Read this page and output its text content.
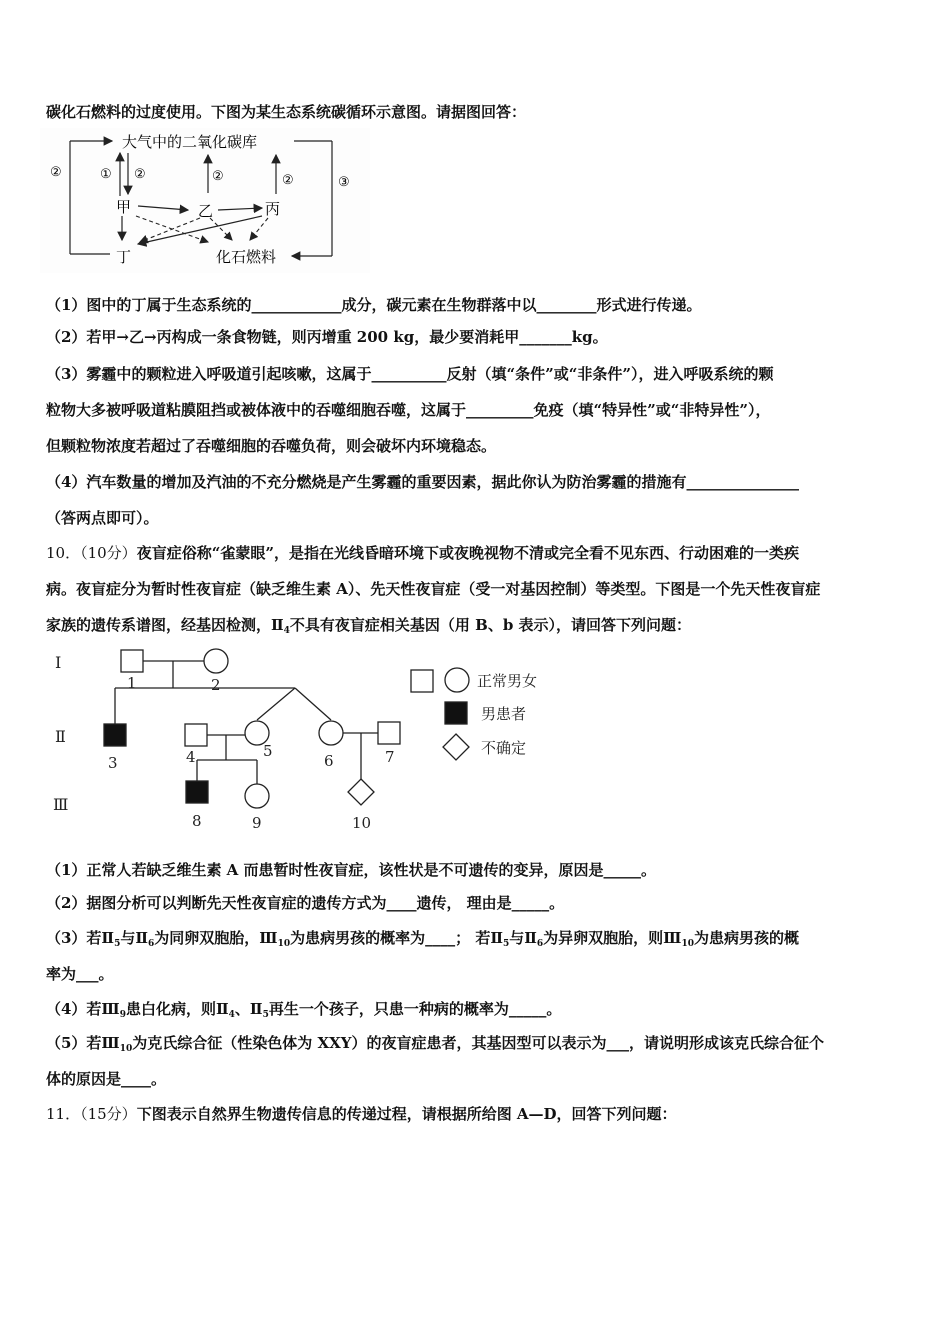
碳化石燃料的过度使用。下图为某生态系统碳循环示意图。请据图回答：
大气中的二氧化碳库
甲	乙	丙
丁	化石燃料
②	① ②	②	②	③
（1）图中的丁属于生态系统的____________成分，碳元素在生物群落中以________形式进行传递。
（2）若甲→乙→丙构成一条食物链，则丙增重 200 kg，最少要消耗甲_______kg。
（3）雾霾中的颗粒进入呼吸道引起咳嗽，这属于__________反射（填“条件”或“非条件”），进入呼吸系统的颗
粒物大多被呼吸道粘膜阻挡或被体液中的吞噬细胞吞噬，这属于_________免疫（填“特异性”或“非特异性”），
但颗粒物浓度若超过了吞噬细胞的吞噬负荷，则会破坏内环境稳态。
（4）汽车数量的增加及汽油的不充分燃烧是产生雾霾的重要因素，据此你认为防治雾霾的措施有_______________
（答两点即可）。
10．（10分）夜盲症俗称“雀蒙眼”，是指在光线昏暗环境下或夜晚视物不清或完全看不见东西、行动困难的一类疾
病。夜盲症分为暂时性夜盲症（缺乏维生素 A）、先天性夜盲症（受一对基因控制）等类型。下图是一个先天性夜盲症
家族的遗传系谱图，经基因检测，$Ⅱ_4$不具有夜盲症相关基因（用 B、b 表示），请回答下列问题：
Ⅰ
Ⅱ
Ⅲ
1	2
3	4	5
6	7
8	9	10
正常男女
男患者
不确定
（1）正常人若缺乏维生素 A 而患暂时性夜盲症，该性状是不可遗传的变异，原因是_____。
（2）据图分析可以判断先天性夜盲症的遗传方式为____遗传， 理由是_____。
（3）若$Ⅱ_5$与$Ⅱ_6$为同卵双胞胎，$Ⅲ_{10}$为患病男孩的概率为____； 若$Ⅱ_5$与$Ⅱ_6$为异卵双胞胎，则$Ⅲ_{10}$为患病男孩的概
率为___。
（4）若$Ⅲ_9$患白化病，则$Ⅱ_4$、$Ⅱ_5$再生一个孩子，只患一种病的概率为_____。
（5）若$Ⅲ_{10}$为克氏综合征（性染色体为 XXY）的夜盲症患者，其基因型可以表示为___，请说明形成该克氏综合征个
体的原因是____。
11．（15分）下图表示自然界生物遗传信息的传递过程，请根据所给图 A—D，回答下列问题：
